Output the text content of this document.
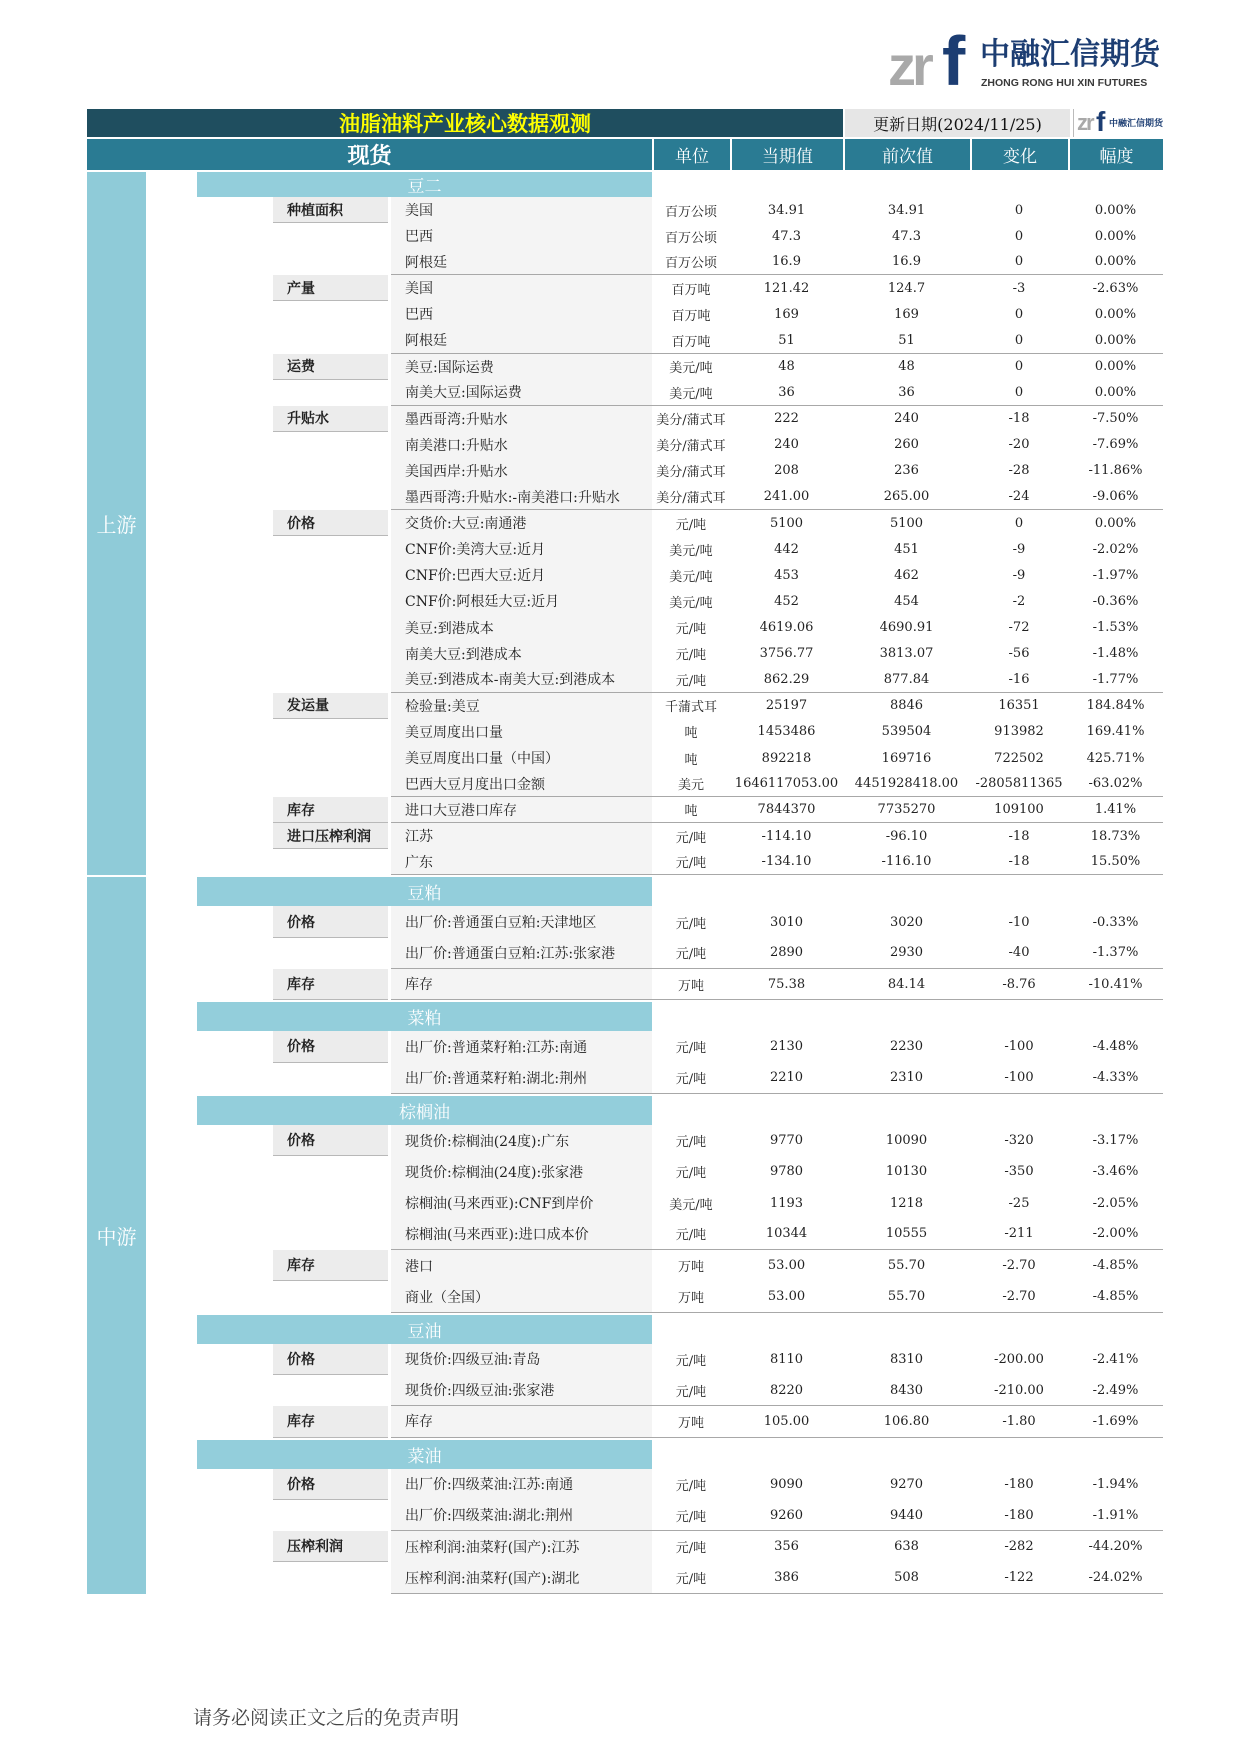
zr f 中融汇信期货
ZHONG RONG HUI XIN FUTURES
油脂油料产业核心数据观测	更新日期(2024/11/25)	zr f 中融汇信期货
现货	单位	当期值	前次值	变化	幅度
上游
豆二
种植面积	美国	百万公顷	34.91	34.91	0	0.00%
巴西	百万公顷	47.3	47.3	0	0.00%
阿根廷	百万公顷	16.9	16.9	0	0.00%
产量	美国	百万吨	121.42	124.7	-3	-2.63%
巴西	百万吨	169	169	0	0.00%
阿根廷	百万吨	51	51	0	0.00%
运费	美豆:国际运费	美元/吨	48	48	0	0.00%
南美大豆:国际运费	美元/吨	36	36	0	0.00%
升贴水	墨西哥湾:升贴水	美分/蒲式耳	222	240	-18	-7.50%
南美港口:升贴水	美分/蒲式耳	240	260	-20	-7.69%
美国西岸:升贴水	美分/蒲式耳	208	236	-28	-11.86%
墨西哥湾:升贴水:-南美港口:升贴水	美分/蒲式耳	241.00	265.00	-24	-9.06%
价格	交货价:大豆:南通港	元/吨	5100	5100	0	0.00%
CNF价:美湾大豆:近月	美元/吨	442	451	-9	-2.02%
CNF价:巴西大豆:近月	美元/吨	453	462	-9	-1.97%
CNF价:阿根廷大豆:近月	美元/吨	452	454	-2	-0.36%
美豆:到港成本	元/吨	4619.06	4690.91	-72	-1.53%
南美大豆:到港成本	元/吨	3756.77	3813.07	-56	-1.48%
美豆:到港成本-南美大豆:到港成本	元/吨	862.29	877.84	-16	-1.77%
发运量	检验量:美豆	千蒲式耳	25197	8846	16351	184.84%
美豆周度出口量	吨	1453486	539504	913982	169.41%
美豆周度出口量（中国）	吨	892218	169716	722502	425.71%
巴西大豆月度出口金额	美元	1646117053.00	4451928418.00	-2805811365	-63.02%
库存	进口大豆港口库存	吨	7844370	7735270	109100	1.41%
进口压榨利润	江苏	元/吨	-114.10	-96.10	-18	18.73%
广东	元/吨	-134.10	-116.10	-18	15.50%
中游
豆粕
价格	出厂价:普通蛋白豆粕:天津地区	元/吨	3010	3020	-10	-0.33%
出厂价:普通蛋白豆粕:江苏:张家港	元/吨	2890	2930	-40	-1.37%
库存	库存	万吨	75.38	84.14	-8.76	-10.41%
菜粕
价格	出厂价:普通菜籽粕:江苏:南通	元/吨	2130	2230	-100	-4.48%
出厂价:普通菜籽粕:湖北:荆州	元/吨	2210	2310	-100	-4.33%
棕榈油
价格	现货价:棕榈油(24度):广东	元/吨	9770	10090	-320	-3.17%
现货价:棕榈油(24度):张家港	元/吨	9780	10130	-350	-3.46%
棕榈油(马来西亚):CNF到岸价	美元/吨	1193	1218	-25	-2.05%
棕榈油(马来西亚):进口成本价	元/吨	10344	10555	-211	-2.00%
库存	港口	万吨	53.00	55.70	-2.70	-4.85%
商业（全国）	万吨	53.00	55.70	-2.70	-4.85%
豆油
价格	现货价:四级豆油:青岛	元/吨	8110	8310	-200.00	-2.41%
现货价:四级豆油:张家港	元/吨	8220	8430	-210.00	-2.49%
库存	库存	万吨	105.00	106.80	-1.80	-1.69%
菜油
价格	出厂价:四级菜油:江苏:南通	元/吨	9090	9270	-180	-1.94%
出厂价:四级菜油:湖北:荆州	元/吨	9260	9440	-180	-1.91%
压榨利润	压榨利润:油菜籽(国产):江苏	元/吨	356	638	-282	-44.20%
压榨利润:油菜籽(国产):湖北	元/吨	386	508	-122	-24.02%
请务必阅读正文之后的免责声明
